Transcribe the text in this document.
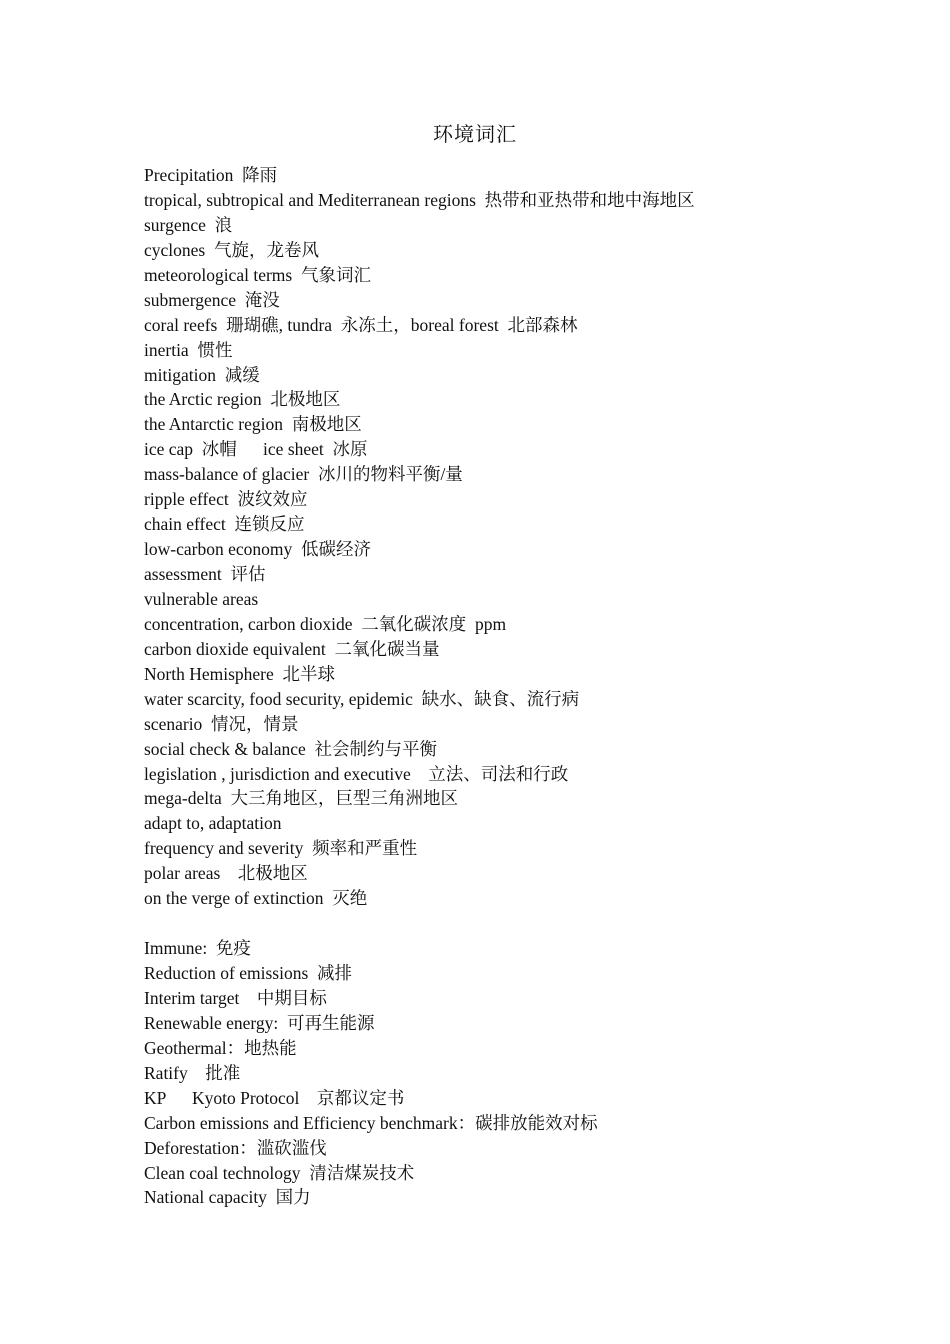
环境词汇
Precipitation  降雨
tropical, subtropical and Mediterranean regions  热带和亚热带和地中海地区
surgence  浪
cyclones  气旋，龙卷风
meteorological terms  气象词汇
submergence  淹没
coral reefs  珊瑚礁, tundra  永冻土，boreal forest  北部森林
inertia  惯性
mitigation  减缓
the Arctic region  北极地区
the Antarctic region  南极地区
ice cap  冰帽      ice sheet  冰原
mass-balance of glacier  冰川的物料平衡/量
ripple effect  波纹效应
chain effect  连锁反应
low-carbon economy  低碳经济
assessment  评估
vulnerable areas
concentration, carbon dioxide  二氧化碳浓度  ppm
carbon dioxide equivalent  二氧化碳当量
North Hemisphere  北半球
water scarcity, food security, epidemic  缺水、缺食、流行病
scenario  情况，情景
social check & balance  社会制约与平衡
legislation , jurisdiction and executive    立法、司法和行政
mega-delta  大三角地区，巨型三角洲地区
adapt to, adaptation
frequency and severity  频率和严重性
polar areas    北极地区
on the verge of extinction  灭绝
Immune:  免疫
Reduction of emissions  减排
Interim target    中期目标
Renewable energy:  可再生能源
Geothermal：地热能
Ratify    批准
KP      Kyoto Protocol    京都议定书
Carbon emissions and Efficiency benchmark：碳排放能效对标
Deforestation：滥砍滥伐
Clean coal technology  清洁煤炭技术
National capacity  国力
